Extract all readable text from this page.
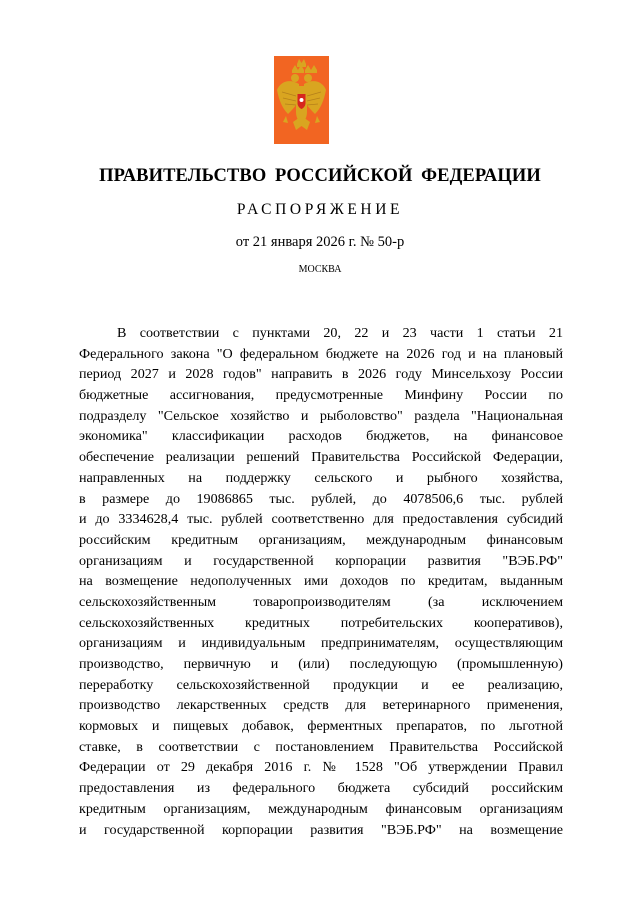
ПРАВИТЕЛЬСТВО РОССИЙСКОЙ ФЕДЕРАЦИИ
РАСПОРЯЖЕНИЕ
от 21 января 2026 г. № 50-р
МОСКВА
В соответствии с пунктами 20, 22 и 23 части 1 статьи 21
Федерального закона "О федеральном бюджете на 2026 год и на плановый
период 2027 и 2028 годов" направить в 2026 году Минсельхозу России
бюджетные ассигнования, предусмотренные Минфину России по
подразделу "Сельское хозяйство и рыболовство" раздела "Национальная
экономика" классификации расходов бюджетов, на финансовое
обеспечение реализации решений Правительства Российской Федерации,
направленных на поддержку сельского и рыбного хозяйства,
в размере до 19086865 тыс. рублей, до 4078506,6 тыс. рублей
и до 3334628,4 тыс. рублей соответственно для предоставления субсидий
российским кредитным организациям, международным финансовым
организациям и государственной корпорации развития "ВЭБ.РФ"
на возмещение недополученных ими доходов по кредитам, выданным
сельскохозяйственным товаропроизводителям (за исключением
сельскохозяйственных кредитных потребительских кооперативов),
организациям и индивидуальным предпринимателям, осуществляющим
производство, первичную и (или) последующую (промышленную)
переработку сельскохозяйственной продукции и ее реализацию,
производство лекарственных средств для ветеринарного применения,
кормовых и пищевых добавок, ферментных препаратов, по льготной
ставке, в соответствии с постановлением Правительства Российской
Федерации от 29 декабря 2016 г. № 1528 "Об утверждении Правил
предоставления из федерального бюджета субсидий российским
кредитным организациям, международным финансовым организациям
и государственной корпорации развития "ВЭБ.РФ" на возмещение
